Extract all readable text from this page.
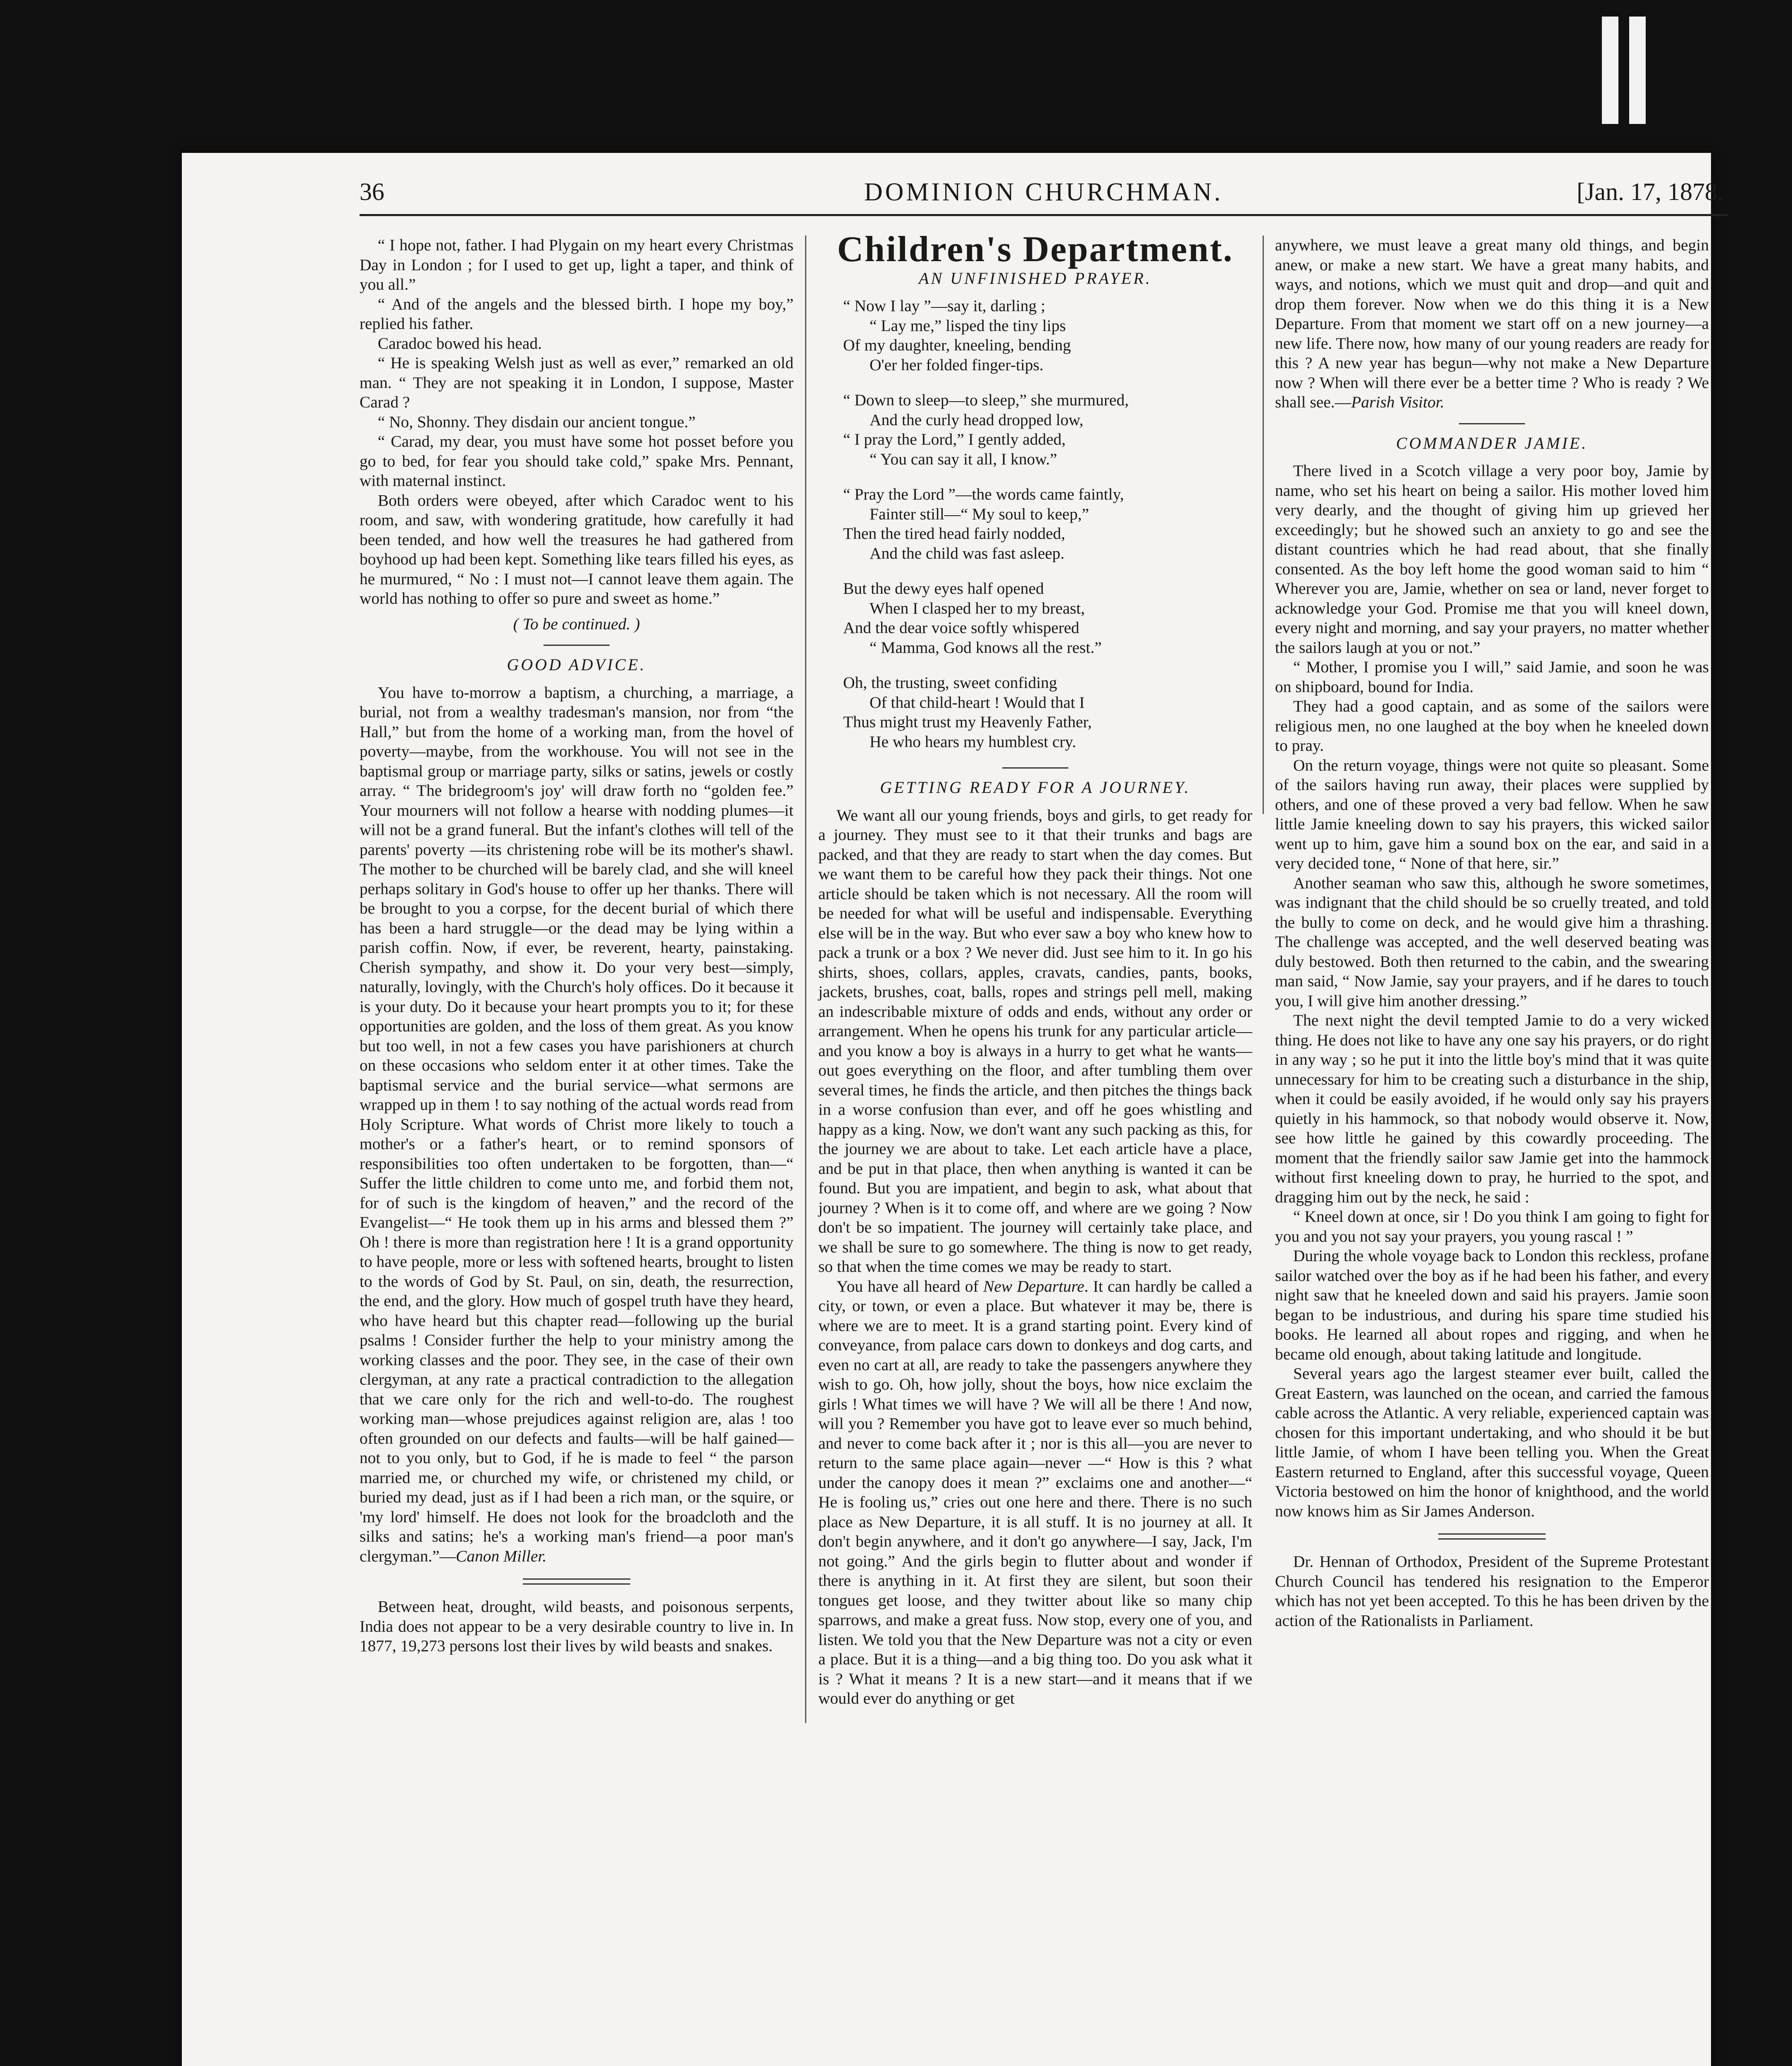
36	DOMINION CHURCHMAN.	[Jan. 17, 1878.

“ I hope not, father. I had Plygain on my heart every Christmas Day in London ; for I used to get up, light a taper, and think of you all.”

“ And of the angels and the blessed birth. I hope my boy,” replied his father.

Caradoc bowed his head.

“ He is speaking Welsh just as well as ever,” remarked an old man. “ They are not speaking it in London, I suppose, Master Carad ?

“ No, Shonny. They disdain our ancient tongue.”

“ Carad, my dear, you must have some hot posset before you go to bed, for fear you should take cold,” spake Mrs. Pennant, with maternal instinct.

Both orders were obeyed, after which Caradoc went to his room, and saw, with wondering gratitude, how carefully it had been tended, and how well the treasures he had gathered from boyhood up had been kept. Something like tears filled his eyes, as he murmured, “ No : I must not—I cannot leave them again. The world has nothing to offer so pure and sweet as home.”

( To be continued. )

GOOD ADVICE.

You have to-morrow a baptism, a churching, a marriage, a burial, not from a wealthy tradesman's mansion, nor from “the Hall,” but from the home of a working man, from the hovel of poverty—maybe, from the workhouse. You will not see in the baptismal group or marriage party, silks or satins, jewels or costly array. “ The bridegroom's joy' will draw forth no “golden fee.” Your mourners will not follow a hearse with nodding plumes—it will not be a grand funeral. But the infant's clothes will tell of the parents' poverty —its christening robe will be its mother's shawl. The mother to be churched will be barely clad, and she will kneel perhaps solitary in God's house to offer up her thanks. There will be brought to you a corpse, for the decent burial of which there has been a hard struggle—or the dead may be lying within a parish coffin. Now, if ever, be reverent, hearty, painstaking. Cherish sympathy, and show it. Do your very best—simply, naturally, lovingly, with the Church's holy offices. Do it because it is your duty. Do it because your heart prompts you to it; for these opportunities are golden, and the loss of them great. As you know but too well, in not a few cases you have parishioners at church on these occasions who seldom enter it at other times. Take the baptismal service and the burial service—what sermons are wrapped up in them ! to say nothing of the actual words read from Holy Scripture. What words of Christ more likely to touch a mother's or a father's heart, or to remind sponsors of responsibilities too often undertaken to be forgotten, than—“ Suffer the little children to come unto me, and forbid them not, for of such is the kingdom of heaven,” and the record of the Evangelist—“ He took them up in his arms and blessed them ?” Oh ! there is more than registration here ! It is a grand opportunity to have people, more or less with softened hearts, brought to listen to the words of God by St. Paul, on sin, death, the resurrection, the end, and the glory. How much of gospel truth have they heard, who have heard but this chapter read—following up the burial psalms ! Consider further the help to your ministry among the working classes and the poor. They see, in the case of their own clergyman, at any rate a practical contradiction to the allegation that we care only for the rich and well-to-do. The roughest working man—whose prejudices against religion are, alas ! too often grounded on our defects and faults—will be half gained—not to you only, but to God, if he is made to feel “ the parson married me, or churched my wife, or christened my child, or buried my dead, just as if I had been a rich man, or the squire, or 'my lord' himself. He does not look for the broadcloth and the silks and satins; he's a working man's friend—a poor man's clergyman.”—Canon Miller.

Between heat, drought, wild beasts, and poisonous serpents, India does not appear to be a very desirable country to live in. In 1877, 19,273 persons lost their lives by wild beasts and snakes.

Children's Department.
AN UNFINISHED PRAYER.
“ Now I lay ”—say it, darling ;
“ Lay me,” lisped the tiny lips
Of my daughter, kneeling, bending
O'er her folded finger-tips.
“ Down to sleep—to sleep,” she murmured,
And the curly head dropped low,
“ I pray the Lord,” I gently added,
“ You can say it all, I know.”
“ Pray the Lord ”—the words came faintly,
Fainter still—“ My soul to keep,”
Then the tired head fairly nodded,
And the child was fast asleep.
But the dewy eyes half opened
When I clasped her to my breast,
And the dear voice softly whispered
“ Mamma, God knows all the rest.”
Oh, the trusting, sweet confiding
Of that child-heart ! Would that I
Thus might trust my Heavenly Father,
He who hears my humblest cry.
GETTING READY FOR A JOURNEY.

We want all our young friends, boys and girls, to get ready for a journey. They must see to it that their trunks and bags are packed, and that they are ready to start when the day comes. But we want them to be careful how they pack their things. Not one article should be taken which is not necessary. All the room will be needed for what will be useful and indispensable. Everything else will be in the way. But who ever saw a boy who knew how to pack a trunk or a box ? We never did. Just see him to it. In go his shirts, shoes, collars, apples, cravats, candies, pants, books, jackets, brushes, coat, balls, ropes and strings pell mell, making an indescribable mixture of odds and ends, without any order or arrangement. When he opens his trunk for any particular article—and you know a boy is always in a hurry to get what he wants—out goes everything on the floor, and after tumbling them over several times, he finds the article, and then pitches the things back in a worse confusion than ever, and off he goes whistling and happy as a king. Now, we don't want any such packing as this, for the journey we are about to take. Let each article have a place, and be put in that place, then when anything is wanted it can be found. But you are impatient, and begin to ask, what about that journey ? When is it to come off, and where are we going ? Now don't be so impatient. The journey will certainly take place, and we shall be sure to go somewhere. The thing is now to get ready, so that when the time comes we may be ready to start.

You have all heard of New Departure. It can hardly be called a city, or town, or even a place. But whatever it may be, there is where we are to meet. It is a grand starting point. Every kind of conveyance, from palace cars down to donkeys and dog carts, and even no cart at all, are ready to take the passengers anywhere they wish to go. Oh, how jolly, shout the boys, how nice exclaim the girls ! What times we will have ? We will all be there ! And now, will you ? Remember you have got to leave ever so much behind, and never to come back after it ; nor is this all—you are never to return to the same place again—never —“ How is this ? what under the canopy does it mean ?” exclaims one and another—“ He is fooling us,” cries out one here and there. There is no such place as New Departure, it is all stuff. It is no journey at all. It don't begin anywhere, and it don't go anywhere—I say, Jack, I'm not going.” And the girls begin to flutter about and wonder if there is anything in it. At first they are silent, but soon their tongues get loose, and they twitter about like so many chip sparrows, and make a great fuss. Now stop, every one of you, and listen. We told you that the New Departure was not a city or even a place. But it is a thing—and a big thing too. Do you ask what it is ? What it means ? It is a new start—and it means that if we would ever do anything or get

anywhere, we must leave a great many old things, and begin anew, or make a new start. We have a great many habits, and ways, and notions, which we must quit and drop—and quit and drop them forever. Now when we do this thing it is a New Departure. From that moment we start off on a new journey—a new life. There now, how many of our young readers are ready for this ? A new year has begun—why not make a New Departure now ? When will there ever be a better time ? Who is ready ? We shall see.—Parish Visitor.

COMMANDER JAMIE.

There lived in a Scotch village a very poor boy, Jamie by name, who set his heart on being a sailor. His mother loved him very dearly, and the thought of giving him up grieved her exceedingly; but he showed such an anxiety to go and see the distant countries which he had read about, that she finally consented. As the boy left home the good woman said to him “ Wherever you are, Jamie, whether on sea or land, never forget to acknowledge your God. Promise me that you will kneel down, every night and morning, and say your prayers, no matter whether the sailors laugh at you or not.”

“ Mother, I promise you I will,” said Jamie, and soon he was on shipboard, bound for India.

They had a good captain, and as some of the sailors were religious men, no one laughed at the boy when he kneeled down to pray.

On the return voyage, things were not quite so pleasant. Some of the sailors having run away, their places were supplied by others, and one of these proved a very bad fellow. When he saw little Jamie kneeling down to say his prayers, this wicked sailor went up to him, gave him a sound box on the ear, and said in a very decided tone, “ None of that here, sir.”

Another seaman who saw this, although he swore sometimes, was indignant that the child should be so cruelly treated, and told the bully to come on deck, and he would give him a thrashing. The challenge was accepted, and the well deserved beating was duly bestowed. Both then returned to the cabin, and the swearing man said, “ Now Jamie, say your prayers, and if he dares to touch you, I will give him another dressing.”

The next night the devil tempted Jamie to do a very wicked thing. He does not like to have any one say his prayers, or do right in any way ; so he put it into the little boy's mind that it was quite unnecessary for him to be creating such a disturbance in the ship, when it could be easily avoided, if he would only say his prayers quietly in his hammock, so that nobody would observe it. Now, see how little he gained by this cowardly proceeding. The moment that the friendly sailor saw Jamie get into the hammock without first kneeling down to pray, he hurried to the spot, and dragging him out by the neck, he said :

“ Kneel down at once, sir ! Do you think I am going to fight for you and you not say your prayers, you young rascal ! ”

During the whole voyage back to London this reckless, profane sailor watched over the boy as if he had been his father, and every night saw that he kneeled down and said his prayers. Jamie soon began to be industrious, and during his spare time studied his books. He learned all about ropes and rigging, and when he became old enough, about taking latitude and longitude.

Several years ago the largest steamer ever built, called the Great Eastern, was launched on the ocean, and carried the famous cable across the Atlantic. A very reliable, experienced captain was chosen for this important undertaking, and who should it be but little Jamie, of whom I have been telling you. When the Great Eastern returned to England, after this successful voyage, Queen Victoria bestowed on him the honor of knighthood, and the world now knows him as Sir James Anderson.

Dr. Hennan of Orthodox, President of the Supreme Protestant Church Council has tendered his resignation to the Emperor which has not yet been accepted. To this he has been driven by the action of the Rationalists in Parliament.
